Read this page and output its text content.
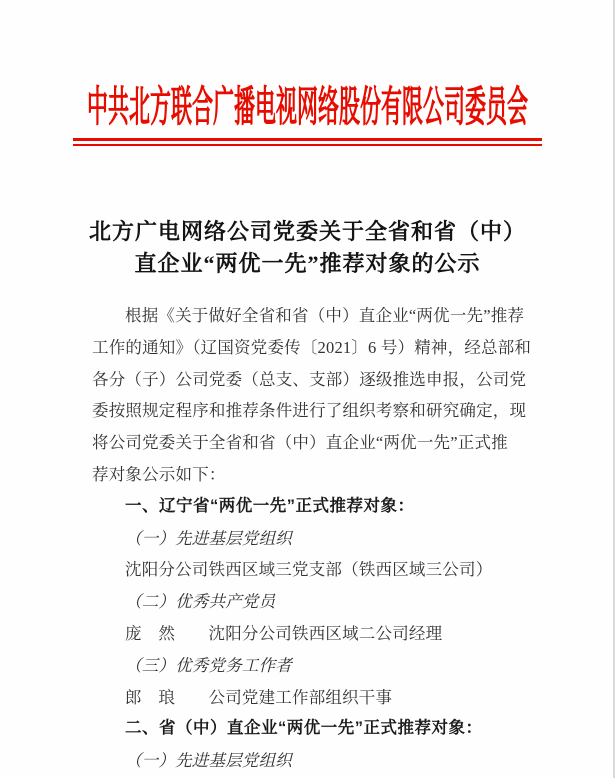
中共北方联合广播电视网络股份有限公司委员会
北方广电网络公司党委关于全省和省（中）
直企业“两优一先”推荐对象的公示
根据《关于做好全省和省（中）直企业“两优一先”推荐
工作的通知》（辽国资党委传〔2021〕6 号）精神，经总部和
各分（子）公司党委（总支、支部）逐级推选申报，公司党
委按照规定程序和推荐条件进行了组织考察和研究确定，现
将公司党委关于全省和省（中）直企业“两优一先”正式推
荐对象公示如下：
一、辽宁省“两优一先”正式推荐对象：
（一）先进基层党组织
沈阳分公司铁西区域三党支部（铁西区域三公司）
（二）优秀共产党员
庞　然　　沈阳分公司铁西区域二公司经理
（三）优秀党务工作者
郎　琅　　公司党建工作部组织干事
二、省（中）直企业“两优一先”正式推荐对象：
（一）先进基层党组织
